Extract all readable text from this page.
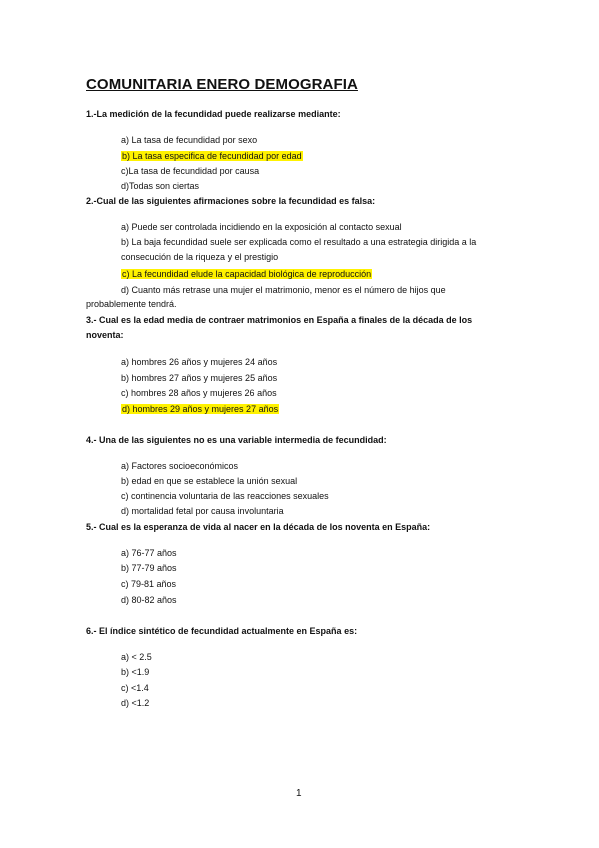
COMUNITARIA ENERO DEMOGRAFIA
1.-La medición de la fecundidad puede realizarse mediante:
a) La tasa de fecundidad por sexo
b) La tasa especifica de fecundidad por edad
c)La tasa de fecundidad por causa
d)Todas son ciertas
2.-Cual de las siguientes afirmaciones sobre la fecundidad es falsa:
a) Puede ser controlada incidiendo en la exposición al contacto sexual
b) La baja fecundidad suele ser explicada como el resultado a una estrategia dirigida a la consecución de la riqueza y el prestigio
c) La fecundidad elude la capacidad biológica de reproducción
d) Cuanto más retrase una mujer el matrimonio, menor es el número de hijos que
probablemente tendrá.
3.- Cual es la edad media de contraer matrimonios en España a finales de la década de los noventa:
a) hombres 26 años y mujeres 24 años
b) hombres 27 años y mujeres 25 años
c) hombres 28 años y mujeres 26 años
d) hombres 29 años y mujeres 27 años
4.- Una de las siguientes no es una variable intermedia de fecundidad:
a) Factores socioeconómicos
b) edad en que se establece la unión sexual
c) continencia voluntaria de las reacciones sexuales
d) mortalidad fetal por causa involuntaria
5.- Cual es la esperanza de vida al nacer en la década de los noventa en España:
a) 76-77 años
b) 77-79 años
c) 79-81 años
d) 80-82 años
6.- El índice sintético de fecundidad actualmente en España es:
a) < 2.5
b) <1.9
c) <1.4
d) <1.2
1
